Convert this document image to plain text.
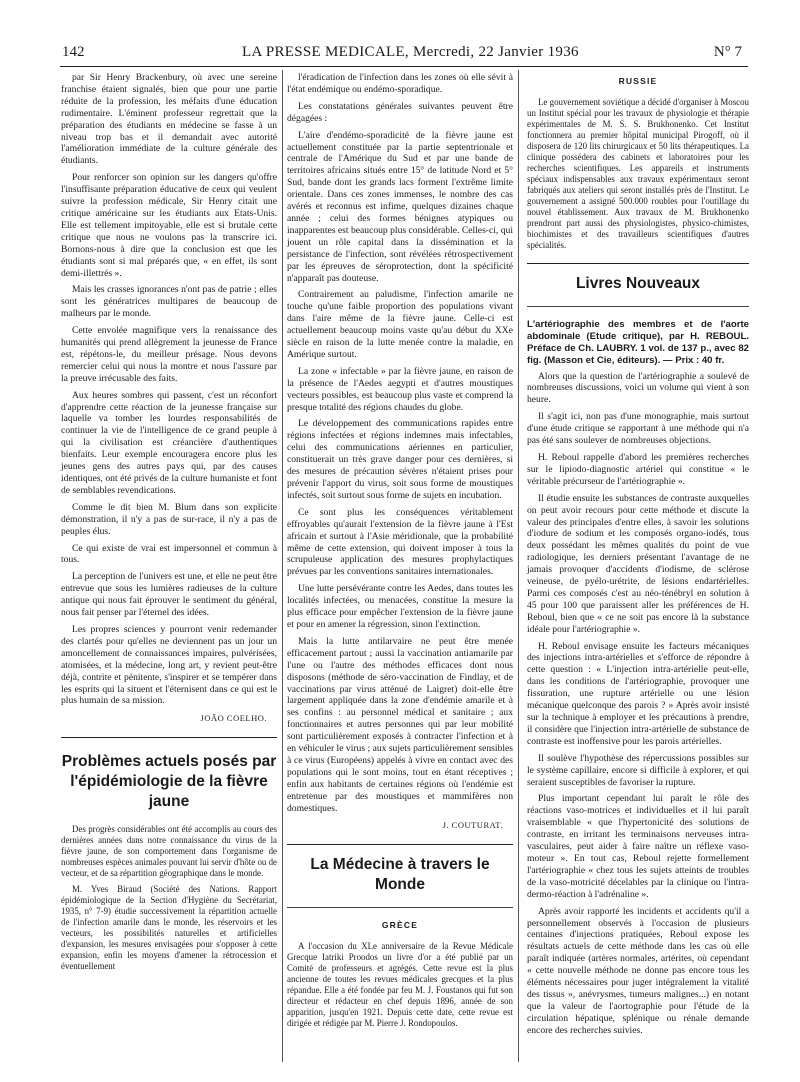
142	LA PRESSE MEDICALE, Mercredi, 22 Janvier 1936	N° 7

par Sir Henry Brackenbury, où avec une sereine franchise étaient signalés, bien que pour une partie réduite de la profession, les méfaits d'une éducation rudimentaire. L'éminent professeur regrettait que la préparation des étudiants en médecine se fasse à un niveau trop bas et il demandait avec autorité l'amélioration immédiate de la culture générale des étudiants.

Pour renforcer son opinion sur les dangers qu'offre l'insuffisante préparation éducative de ceux qui veulent suivre la profession médicale, Sir Henry citait une critique américaine sur les étudiants aux Etats-Unis. Elle est tellement impitoyable, elle est si brutale cette critique que nous ne voulons pas la transcrire ici. Bornons-nous à dire que la conclusion est que les étudiants sont si mal préparés que, « en effet, ils sont demi-illettrés ».

Mais les crasses ignorances n'ont pas de patrie ; elles sont les génératrices multipares de beaucoup de malheurs par le monde.

Cette envolée magnifique vers la renaissance des humanités qui prend allègrement la jeunesse de France est, répétons-le, du meilleur présage. Nous devons remercier celui qui nous la montre et nous l'assure par la preuve irrécusable des faits.

Aux heures sombres qui passent, c'est un réconfort d'apprendre cette réaction de la jeunesse française sur laquelle va tomber les lourdes responsabilités de continuer la vie de l'intelligence de ce grand peuple à qui la civilisation est créancière d'authentiques bienfaits. Leur exemple encouragera encore plus les jeunes gens des autres pays qui, par des causes identiques, ont été privés de la culture humaniste et font de semblables revendications.

Comme le dit bien M. Blum dans son explicite démonstration, il n'y a pas de sur-race, il n'y a pas de peuples élus.

Ce qui existe de vrai est impersonnel et commun à tous.

La perception de l'univers est une, et elle ne peut être entrevue que sous les lumières radieuses de la culture antique qui nous fait éprouver le sentiment du général, nous fait penser par l'éternel des idées.

Les propres sciences y pourront venir redemander des clartés pour qu'elles ne deviennent pas un jour un amoncellement de connaissances impaires, pulvérisées, atomisées, et la médecine, long art, y revient peut-être déjà, contrite et pénitente, s'inspirer et se tempérer dans les esprits qui la situent et l'éternisent dans ce qui est le plus humain de sa mission.

JOÃO COELHO.
Problèmes actuels posés par l'épidémiologie de la fièvre jaune

Des progrès considérables ont été accomplis au cours des dernières années dans notre connaissance du virus de la fièvre jaune, de son comportement dans l'organisme de nombreuses espèces animales pouvant lui servir d'hôte ou de vecteur, et de sa répartition géographique dans le monde.

M. Yves Biraud (Société des Nations. Rapport épidémiologique de la Section d'Hygiène du Secrétariat, 1935, n° 7-9) étudie successivement la répartition actuelle de l'infection amarile dans le monde, les réservoirs et les vecteurs, les possibilités naturelles et artificielles d'expansion, les mesures envisagées pour s'opposer à cette expansion, enfin les moyens d'amener la rétrocession et éventuellement

l'éradication de l'infection dans les zones où elle sévit à l'état endémique ou endémo-sporadique.

Les constatations générales suivantes peuvent être dégagées :

L'aire d'endémo-sporadicité de la fièvre jaune est actuellement constituée par la partie septentrionale et centrale de l'Amérique du Sud et par une bande de territoires africains situés entre 15° de latitude Nord et 5° Sud, bande dont les grands lacs forment l'extrême limite orientale. Dans ces zones immenses, le nombre des cas avérés et reconnus est infime, quelques dizaines chaque année ; celui des formes bénignes atypiques ou inapparentes est beaucoup plus considérable. Celles-ci, qui jouent un rôle capital dans la dissémination et la persistance de l'infection, sont révélées rétrospectivement par les épreuves de séroprotection, dont la spécificité n'apparaît pas douteuse.

Contrairement au paludisme, l'infection amarile ne touche qu'une faible proportion des populations vivant dans l'aire même de la fièvre jaune. Celle-ci est actuellement beaucoup moins vaste qu'au début du XXe siècle en raison de la lutte menée contre la maladie, en Amérique surtout.

La zone « infectable » par la fièvre jaune, en raison de la présence de l'Aedes aegypti et d'autres moustiques vecteurs possibles, est beaucoup plus vaste et comprend la presque totalité des régions chaudes du globe.

Le développement des communications rapides entre régions infectées et régions indemnes mais infectables, celui des communications aériennes en particulier, constituerait un très grave danger pour ces dernières, si des mesures de précaution sévères n'étaient prises pour prévenir l'apport du virus, soit sous forme de moustiques infectés, soit surtout sous forme de sujets en incubation.

Ce sont plus les conséquences véritablement effroyables qu'aurait l'extension de la fièvre jaune à l'Est africain et surtout à l'Asie méridionale, que la probabilité même de cette extension, qui doivent imposer à tous la scrupuleuse application des mesures prophylactiques prévues par les conventions sanitaires internationales.

Une lutte persévérante contre les Aedes, dans toutes les localités infectées, ou menacées, constitue la mesure la plus efficace pour empêcher l'extension de la fièvre jaune et pour en amener la régression, sinon l'extinction.

Mais la lutte antilarvaire ne peut être menée efficacement partout ; aussi la vaccination antiamarile par l'une ou l'autre des méthodes efficaces dont nous disposons (méthode de séro-vaccination de Findlay, et de vaccinations par virus atténué de Laigret) doit-elle être largement appliquée dans la zone d'endémie amarile et à ses confins : au personnel médical et sanitaire ; aux fonctionnaires et autres personnes qui par leur mobilité sont particulièrement exposés à contracter l'infection et à en véhiculer le virus ; aux sujets particulièrement sensibles à ce virus (Européens) appelés à vivre en contact avec des populations qui le sont moins, tout en étant réceptives ; enfin aux habitants de certaines régions où l'endémie est entretenue par des moustiques et mammifères non domestiques.

J. COUTURAT.
La Médecine à travers le Monde
GRÈCE

A l'occasion du XLe anniversaire de la Revue Médicale Grecque Iatriki Proodos un livre d'or a été publié par un Comité de professeurs et agrégés. Cette revue est la plus ancienne de toutes les revues médicales grecques et la plus répandue. Elle a été fondée par feu M. J. Foustanos qui fut son directeur et rédacteur en chef depuis 1896, année de son apparition, jusqu'en 1921. Depuis cette date, cette revue est dirigée et rédigée par M. Pierre J. Rondopoulos.

RUSSIE

Le gouvernement soviétique a décidé d'organiser à Moscou un Institut spécial pour les travaux de physiologie et thérapie expérimentales de M. S. S. Brukhonenko. Cet Institut fonctionnera au premier hôpital municipal Pirogoff, où il disposera de 120 lits chirurgicaux et 50 lits thérapeutiques. La clinique possédera des cabinets et laboratoires pour les recherches scientifiques. Les appareils et instruments spéciaux indispensables aux travaux expérimentaux seront fabriqués aux ateliers qui seront installés près de l'Institut. Le gouvernement a assigné 500.000 roubles pour l'outillage du nouvel établissement. Aux travaux de M. Brukhonenko prendront part aussi des physiologistes, physico-chimistes, biochimistes et des travailleurs scientifiques d'autres spécialités.

Livres Nouveaux

L'artériographie des membres et de l'aorte abdominale (Etude critique), par H. REBOUL. Préface de Ch. LAUBRY. 1 vol. de 137 p., avec 82 fig. (Masson et Cie, éditeurs). — Prix : 40 fr.

Alors que la question de l'artériographie a soulevé de nombreuses discussions, voici un volume qui vient à son heure.

Il s'agit ici, non pas d'une monographie, mais surtout d'une étude critique se rapportant à une méthode qui n'a pas été sans soulever de nombreuses objections.

H. Reboul rappelle d'abord les premières recherches sur le lipiodo-diagnostic artériel qui constitue « le véritable précurseur de l'artériographie ».

Il étudie ensuite les substances de contraste auxquelles on peut avoir recours pour cette méthode et discute la valeur des principales d'entre elles, à savoir les solutions d'iodure de sodium et les composés organo-iodés, tous deux possédant les mêmes qualités du point de vue radiologique, les derniers présentant l'avantage de ne jamais provoquer d'accidents d'iodisme, de sclérose veineuse, de pyélo-urétrite, de lésions endartérielles. Parmi ces composés c'est au néo-ténébryl en solution à 45 pour 100 que paraissent aller les préférences de H. Reboul, bien que « ce ne soit pas encore là la substance idéale pour l'artériographie ».

H. Reboul envisage ensuite les facteurs mécaniques des injections intra-artérielles et s'efforce de répondre à cette question : « L'injection intra-artérielle peut-elle, dans les conditions de l'artériographie, provoquer une fissuration, une rupture artérielle ou une lésion mécanique quelconque des parois ? » Après avoir insisté sur la technique à employer et les précautions à prendre, il considère que l'injection intra-artérielle de substance de contraste est inoffensive pour les parois artérielles.

Il soulève l'hypothèse des répercussions possibles sur le système capillaire, encore si difficile à explorer, et qui seraient susceptibles de favoriser la rupture.

Plus important cependant lui paraît le rôle des réactions vaso-motrices et individuelles et il lui paraît vraisemblable « que l'hypertonicité des solutions de contraste, en irritant les terminaisons nerveuses intra-vasculaires, peut aider à faire naître un réflexe vaso-moteur ». En tout cas, Reboul rejette formellement l'artériographie « chez tous les sujets atteints de troubles de la vaso-motricité décelables par la clinique ou l'intra-dermo-réaction à l'adrénaline ».

Après avoir rapporté les incidents et accidents qu'il a personnellement observés à l'occasion de plusieurs centaines d'injections pratiquées, Reboul expose les résultats actuels de cette méthode dans les cas où elle paraît indiquée (artères normales, artérites, où cependant « cette nouvelle méthode ne donne pas encore tous les éléments nécessaires pour juger intégralement la vitalité des tissus », anévrysmes, tumeurs malignes...) en notant que la valeur de l'aortographie pour l'étude de la circulation hépatique, splénique ou rénale demande encore des recherches suivies.
